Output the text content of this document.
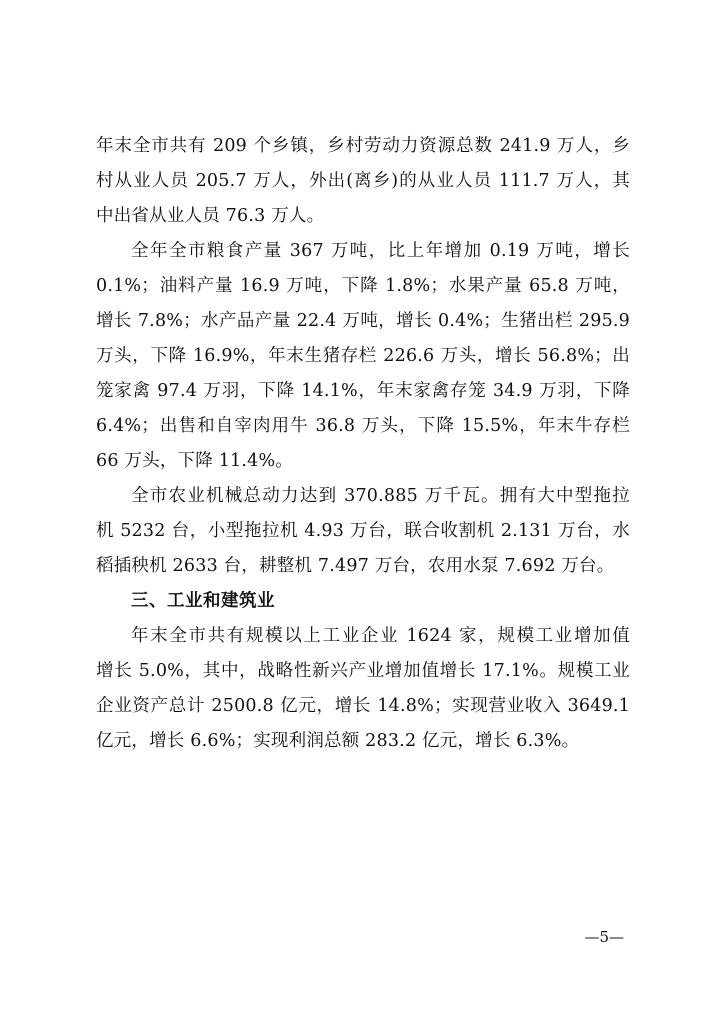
年末全市共有 209 个乡镇，乡村劳动力资源总数 241.9 万人，乡
村从业人员 205.7 万人，外出(离乡)的从业人员 111.7 万人，其
中出省从业人员 76.3 万人。
全年全市粮食产量 367 万吨，比上年增加 0.19 万吨，增长
0.1%；油料产量 16.9 万吨，下降 1.8%；水果产量 65.8 万吨，
增长 7.8%；水产品产量 22.4 万吨，增长 0.4%；生猪出栏 295.9
万头，下降 16.9%，年末生猪存栏 226.6 万头，增长 56.8%；出
笼家禽 97.4 万羽，下降 14.1%，年末家禽存笼 34.9 万羽，下降
6.4%；出售和自宰肉用牛 36.8 万头，下降 15.5%，年末牛存栏
66 万头，下降 11.4%。
全市农业机械总动力达到 370.885 万千瓦。拥有大中型拖拉
机 5232 台，小型拖拉机 4.93 万台，联合收割机 2.131 万台，水
稻插秧机 2633 台，耕整机 7.497 万台，农用水泵 7.692 万台。
三、工业和建筑业
年末全市共有规模以上工业企业 1624 家，规模工业增加值
增长 5.0%，其中，战略性新兴产业增加值增长 17.1%。规模工业
企业资产总计 2500.8 亿元，增长 14.8%；实现营业收入 3649.1
亿元，增长 6.6%；实现利润总额 283.2 亿元，增长 6.3%。
—5—
